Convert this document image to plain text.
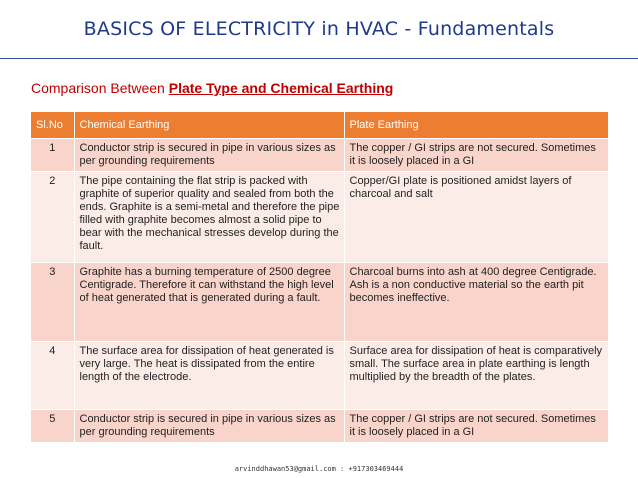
BASICS OF ELECTRICITY in HVAC - Fundamentals
Comparison Between Plate Type and Chemical Earthing
Sl.No	Chemical Earthing	Plate Earthing
1	Conductor strip is secured in pipe in various sizes as per grounding requirements	The copper / GI strips are not secured. Sometimes it is loosely placed in a GI
2	The pipe containing the flat strip is packed with graphite of superior quality and sealed from both the ends. Graphite is a semi-metal and therefore the pipe filled with graphite becomes almost a solid pipe to bear with the mechanical stresses develop during the fault.	Copper/GI plate is positioned amidst layers of charcoal and salt
3	Graphite has a burning temperature of 2500 degree Centigrade. Therefore it can withstand the high level of heat generated that is generated during a fault.	Charcoal burns into ash at 400 degree Centigrade. Ash is a non conductive material so the earth pit becomes ineffective.
4	The surface area for dissipation of heat generated is very large. The heat is dissipated from the entire length of the electrode.	Surface area for dissipation of heat is comparatively small. The surface area in plate earthing is length multiplied by the breadth of the plates.
5	Conductor strip is secured in pipe in various sizes as per grounding requirements	The copper / GI strips are not secured. Sometimes it is loosely placed in a GI
arvinddhawan53@gmail.com : +917303469444
